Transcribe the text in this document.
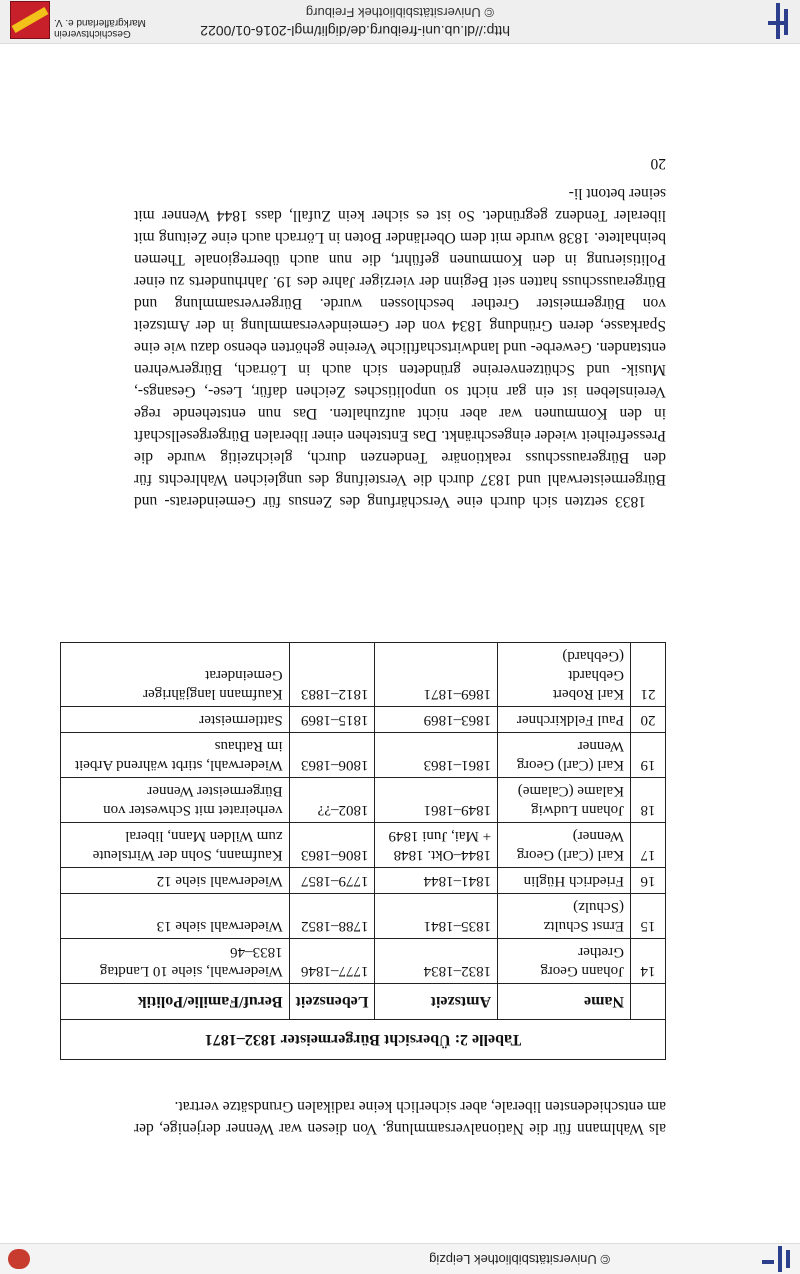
© Universitätsbibliothek Leipzig

als Wahlmann für die Nationalversammlung. Von diesen war Wenner derjenige, der am entschiedensten liberale, aber sicherlich keine radikalen Grundsätze vertrat.

Tabelle 2: Übersicht Bürgermeister 1832–1871				
	Name	Amtszeit	Lebenszeit	Beruf/Familie/Politik
14	Johann Georg Grether	1832–1834	1777–1846	Wiederwahl, siehe 10 Landtag 1833–46
15	Ernst Schultz (Schulz)	1835–1841	1788–1852	Wiederwahl siehe 13
16	Friedrich Hüglin	1841–1844	1779–1857	Wiederwahl siehe 12
17	Karl (Carl) Georg Wenner)	1844–Okt. 1848 + Mai, Juni 1849	1806–1863	Kaufmann, Sohn der Wirtsleute zum Wilden Mann, liberal
18	Johann Ludwig Kalame (Calame)	1849–1861	1802–??	verheiratet mit Schwester von Bürgermeister Wenner
19	Karl (Carl) Georg Wenner	1861–1863	1806–1863	Wiederwahl, stirbt während Arbeit im Rathaus
20	Paul Feldkirchner	1863–1869	1815–1869	Sattlermeister
21	Karl Robert Gebhardt (Gebhard)	1869–1871	1812–1883	Kaufmann langjähriger Gemeinderat

1833 setzten sich durch eine Verschärfung des Zensus für Gemeinderats- und Bürgermeisterwahl und 1837 durch die Versteifung des ungleichen Wahlrechts für den Bürgerausschuss reaktionäre Tendenzen durch, gleichzeitig wurde die Pressefreiheit wieder eingeschränkt. Das Entstehen einer liberalen Bürgergesellschaft in den Kommunen war aber nicht aufzuhalten. Das nun entstehende rege Vereinsleben ist ein gar nicht so unpolitisches Zeichen dafür, Lese-, Gesangs-, Musik- und Schützenvereine gründeten sich auch in Lörrach, Bürgerwehren entstanden. Gewerbe- und landwirtschaftliche Vereine gehörten ebenso dazu wie eine Sparkasse, deren Gründung 1834 von der Gemeindeversammlung in der Amtszeit von Bürgermeister Grether beschlossen wurde. Bürgerversammlung und Bürgerausschuss hatten seit Beginn der vierziger Jahre des 19. Jahrhunderts zu einer Politisierung in den Kommunen geführt, die nun auch überregionale Themen beinhaltete. 1838 wurde mit dem Oberländer Boten in Lörrach auch eine Zeitung mit liberaler Tendenz gegründet. So ist es sicher kein Zufall, dass 1844 Wenner mit seiner betont li-

20
http://dl.ub.uni-freiburg.de/diglit/mgl-2016-01/0022
© Universitätsbibliothek Freiburg
Geschichtsverein
Markgräflerland e. V.
